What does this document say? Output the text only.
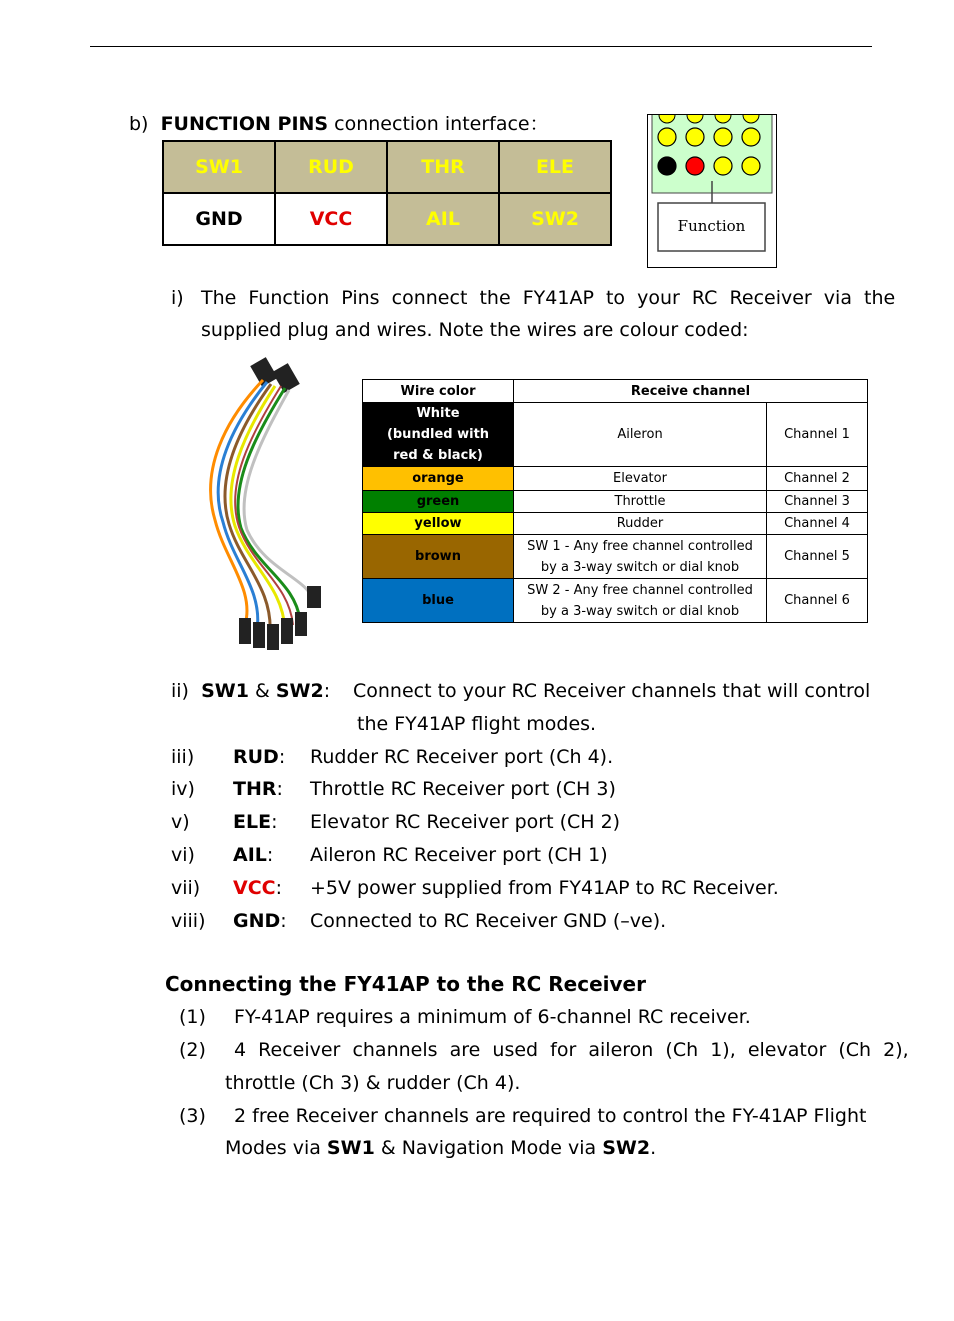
b) FUNCTION PINS connection interface：
SW1	RUD	THR	ELE
GND	VCC	AIL	SW2	Function
i) The  Function  Pins  connect  the  FY41AP  to  your  RC  Receiver  via  the
supplied plug and wires. Note the wires are colour coded:
Wire color	Receive channel	

White
(bundled with
red & black)	Aileron	Channel 1
orange	Elevator	Channel 2
green	Throttle	Channel 3
yellow	Rudder	Channel 4
brown	SW 1 - Any free channel controlled
by a 3-way switch or dial knob	Channel 5
blue	SW 2 - Any free channel controlled
by a 3-way switch or dial knob	Channel 6
ii) SW1 & SW2: Connect to your RC Receiver channels that will control
the FY41AP flight modes.
iii) RUD: Rudder RC Receiver port (Ch 4).
iv) THR: Throttle RC Receiver port (CH 3)
v) ELE: Elevator RC Receiver port (CH 2)
vi) AIL: Aileron RC Receiver port (CH 1)
vii) VCC: +5V power supplied from FY41AP to RC Receiver.
viii) GND: Connected to RC Receiver GND (–ve).
Connecting the FY41AP to the RC Receiver
(1) FY-41AP requires a minimum of 6-channel RC receiver.
(2) 4  Receiver  channels  are  used  for  aileron  (Ch  1),  elevator  (Ch  2),
throttle (Ch 3) & rudder (Ch 4).
(3) 2 free Receiver channels are required to control the FY-41AP Flight
Modes via SW1 & Navigation Mode via SW2.
